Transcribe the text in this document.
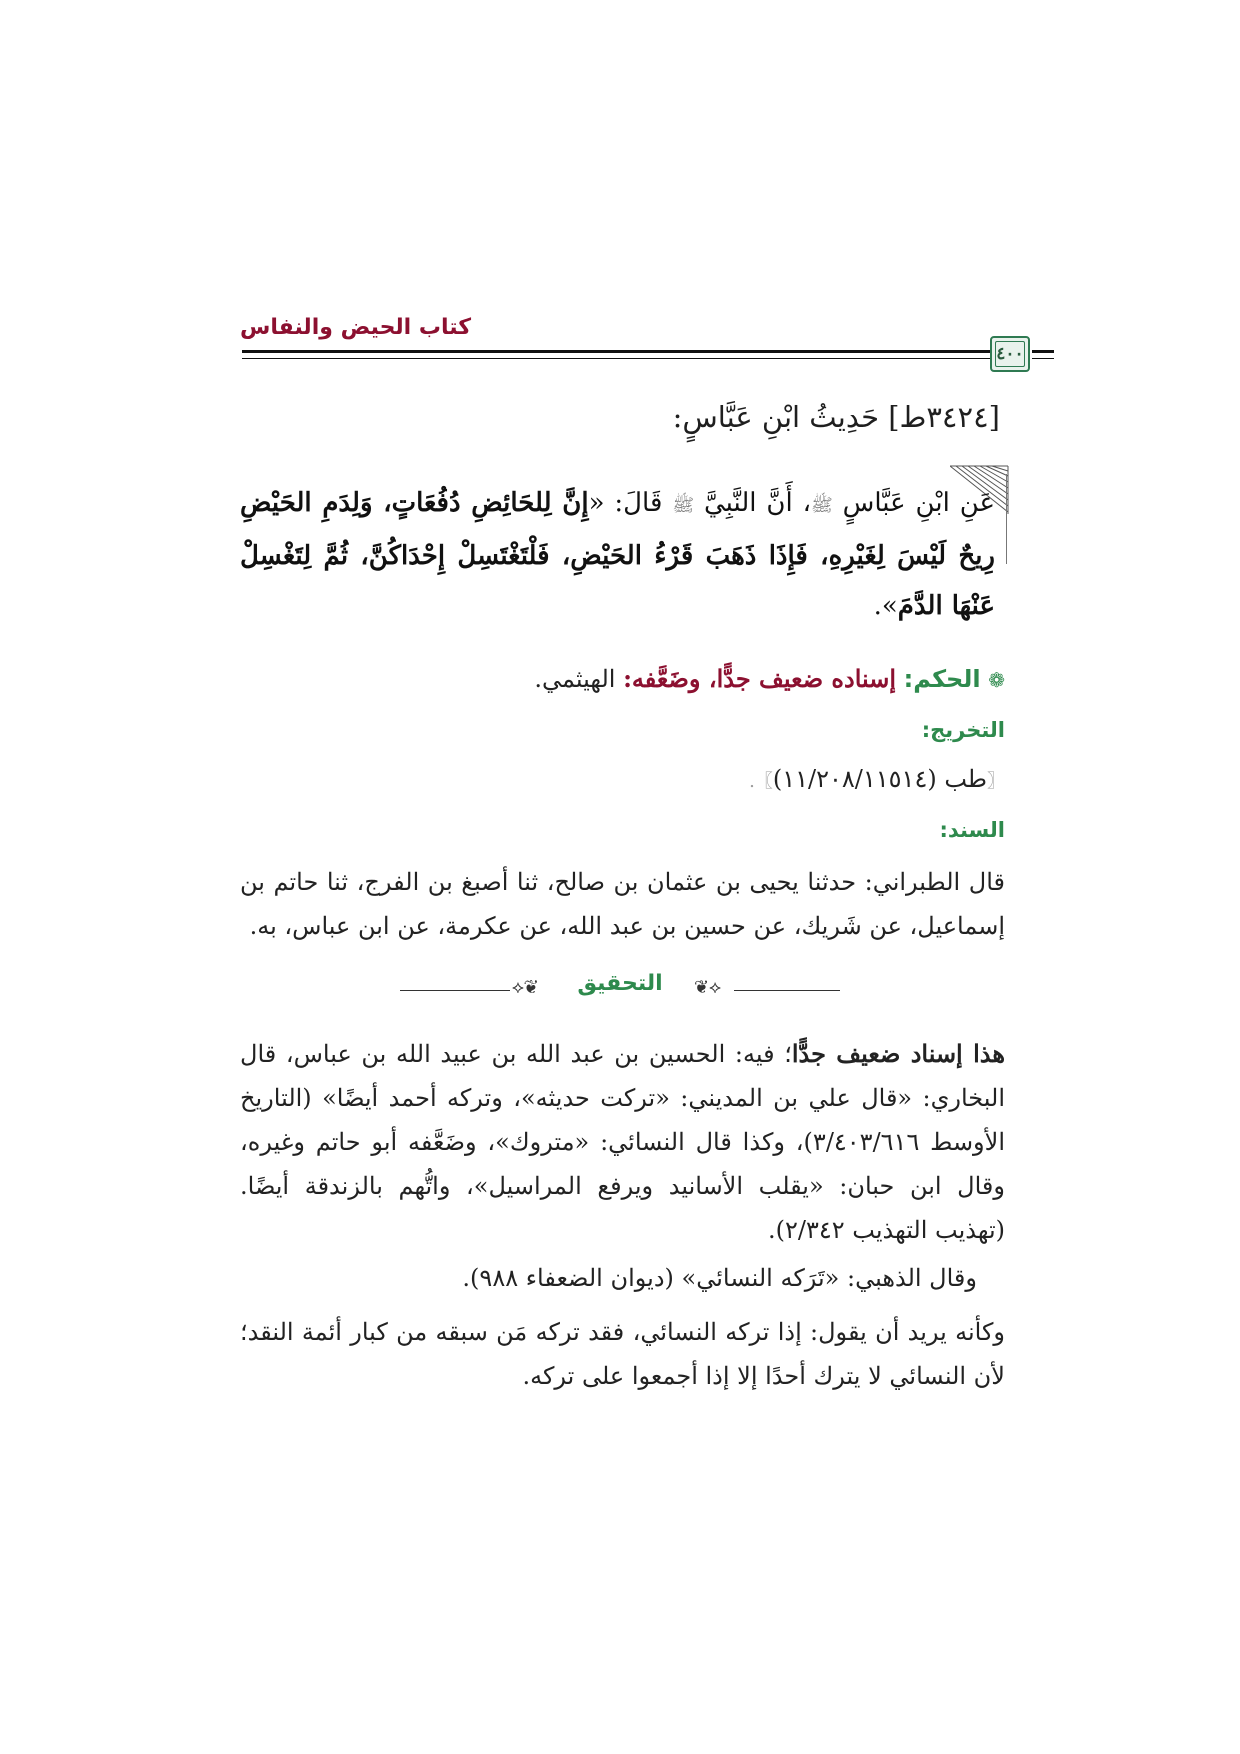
كتاب الحيض والنفاس
٤٠٠
[٣٤٢٤ط] حَدِيثُ ابْنِ عَبَّاسٍ:
عَنِ ابْنِ عَبَّاسٍ ﷺ، أَنَّ النَّبِيَّ ﷺ قَالَ: «إِنَّ لِلحَائِضِ دُفُعَاتٍ، وَلِدَمِ الحَيْضِ رِيحٌ لَيْسَ لِغَيْرِهِ، فَإِذَا ذَهَبَ قَرْءُ الحَيْضِ، فَلْتَغْتَسِلْ إِحْدَاكُنَّ، ثُمَّ لِتَغْسِلْ عَنْهَا الدَّمَ».
❁ الحكم: إسناده ضعيف جدًّا، وضَعَّفه: الهيثمي.
التخريج:
〖طب (١١/٢٠٨/١١٥١٤)〗.
السند:
قال الطبراني: حدثنا يحيى بن عثمان بن صالح، ثنا أصبغ بن الفرج، ثنا حاتم بن إسماعيل، عن شَريك، عن حسين بن عبد الله، عن عكرمة، عن ابن عباس، به.
⟡❦	التحقيق	❦⟡
هذا إسناد ضعيف جدًّا؛ فيه: الحسين بن عبد الله بن عبيد الله بن عباس، قال البخاري: «قال علي بن المديني: «تركت حديثه»، وتركه أحمد أيضًا» (التاريخ الأوسط ٣/٤٠٣/٦١٦)، وكذا قال النسائي: «متروك»، وضَعَّفه أبو حاتم وغيره، وقال ابن حبان: «يقلب الأسانيد ويرفع المراسيل»، واتُّهم بالزندقة أيضًا. (تهذيب التهذيب ٢/٣٤٢).
وقال الذهبي: «تَرَكه النسائي» (ديوان الضعفاء ٩٨٨).
وكأنه يريد أن يقول: إذا تركه النسائي، فقد تركه مَن سبقه من كبار أئمة النقد؛ لأن النسائي لا يترك أحدًا إلا إذا أجمعوا على تركه.
